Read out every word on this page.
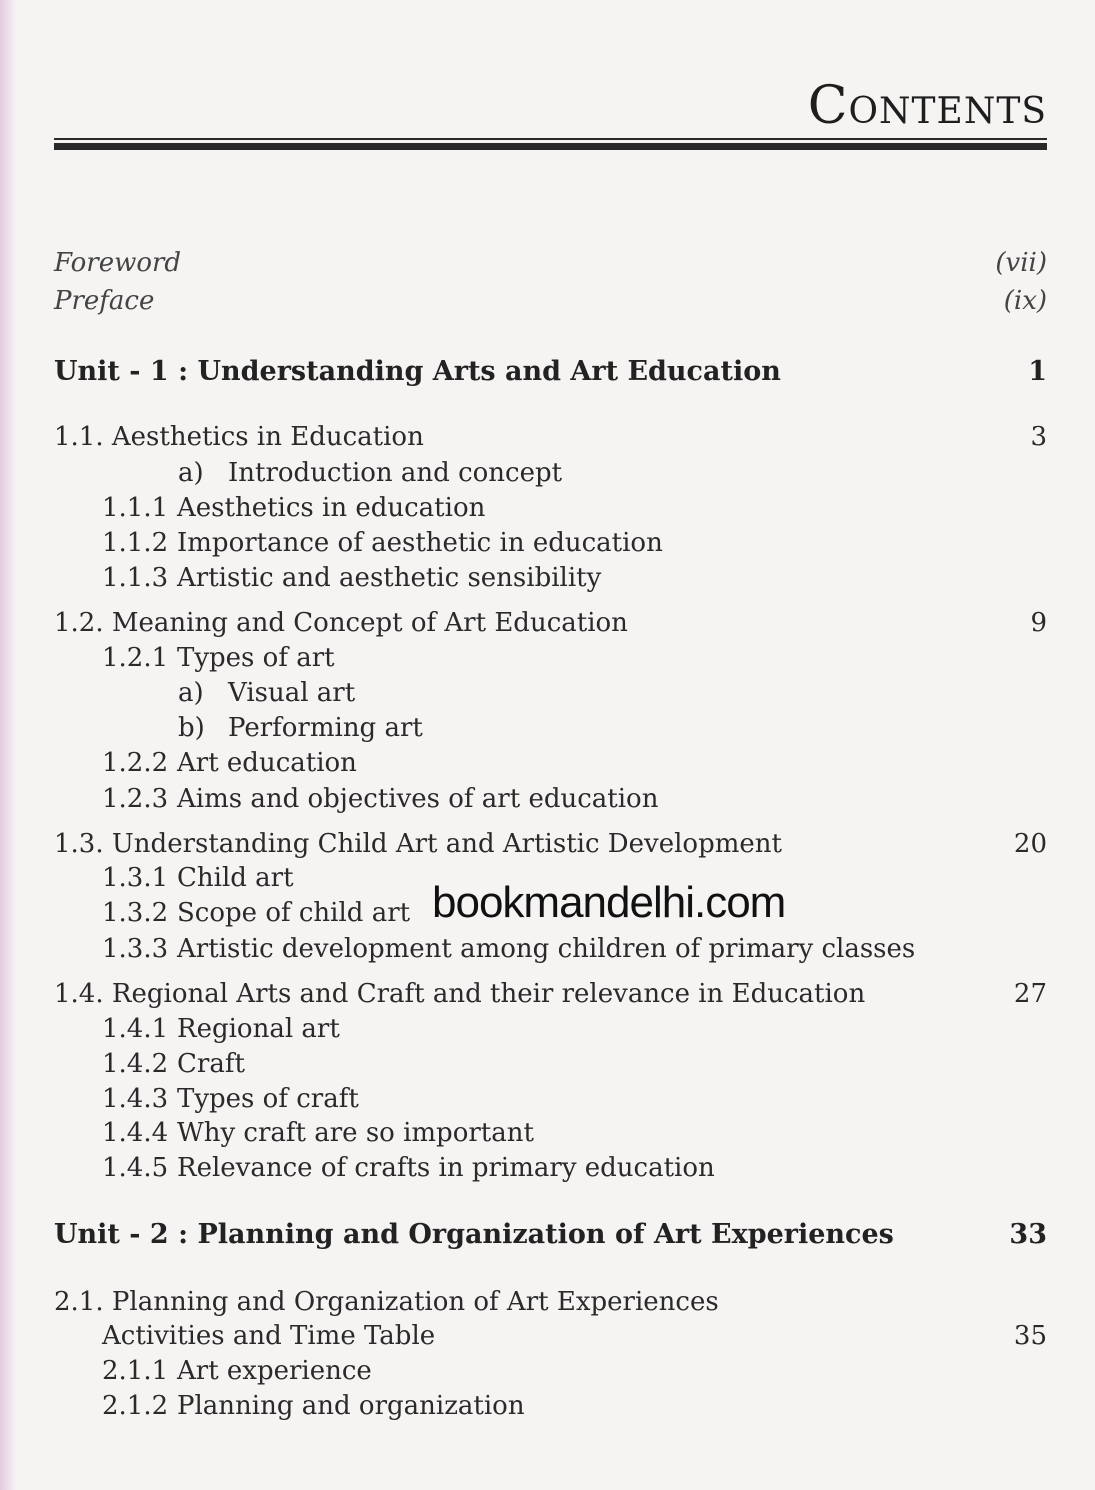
Contents
Foreword	(vii)
Preface	(ix)
Unit - 1 : Understanding Arts and Art Education	1
1.1. Aesthetics in Education	3
a) Introduction and concept
1.1.1 Aesthetics in education
1.1.2 Importance of aesthetic in education
1.1.3 Artistic and aesthetic sensibility
1.2. Meaning and Concept of Art Education	9
1.2.1 Types of art
a) Visual art
b) Performing art
1.2.2 Art education
1.2.3 Aims and objectives of art education
1.3. Understanding Child Art and Artistic Development	20
1.3.1 Child art
1.3.2 Scope of child art
1.3.3 Artistic development among children of primary classes
1.4. Regional Arts and Craft and their relevance in Education	27
1.4.1 Regional art
1.4.2 Craft
1.4.3 Types of craft
1.4.4 Why craft are so important
1.4.5 Relevance of crafts in primary education
Unit - 2 : Planning and Organization of Art Experiences	33
2.1. Planning and Organization of Art Experiences
Activities and Time Table	35
2.1.1 Art experience
2.1.2 Planning and organization
bookmandelhi.com
